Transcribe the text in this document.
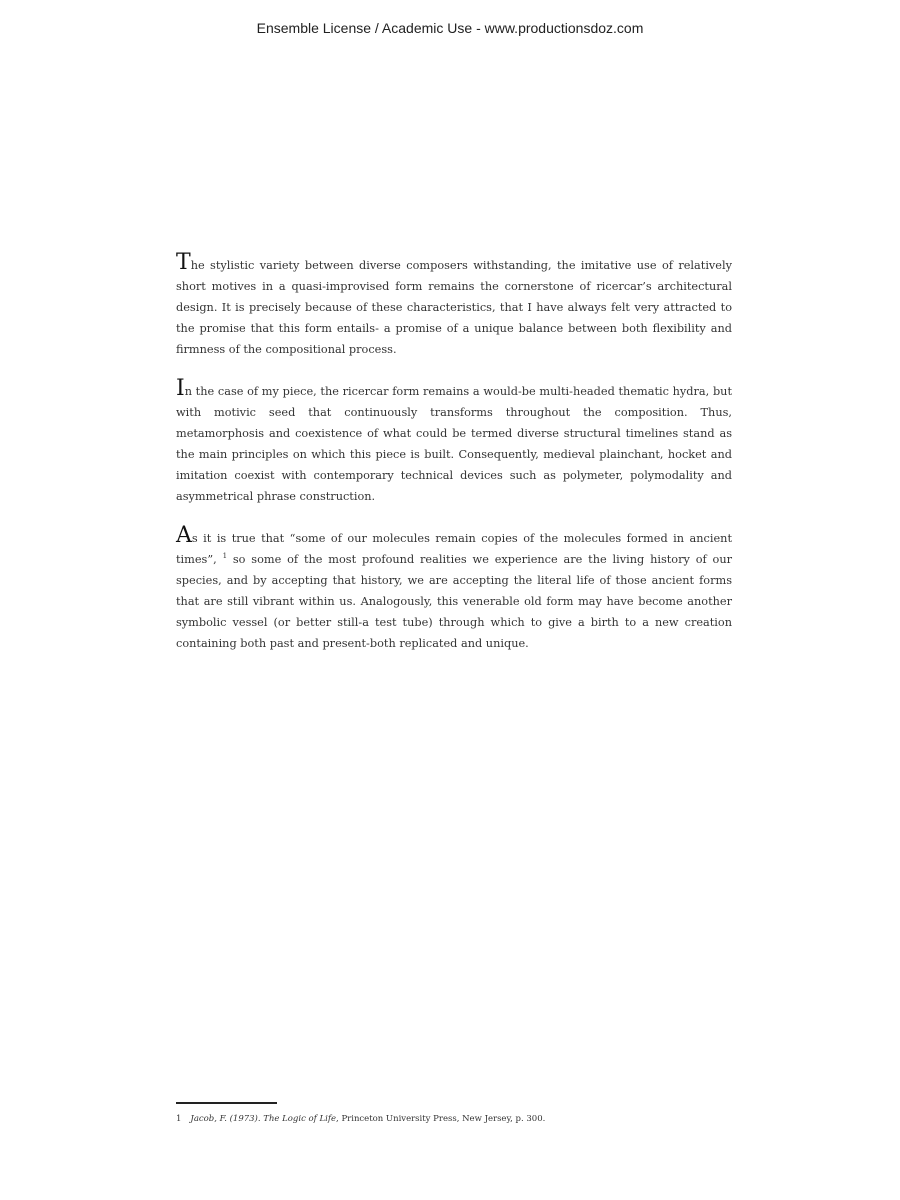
Ensemble License / Academic Use - www.productionsdoz.com

The stylistic variety between diverse composers withstanding, the imitative use of relatively short motives in a quasi-improvised form remains the cornerstone of ricercar’s architectural design. It is precisely because of these characteristics, that I have always felt very attracted to the promise that this form entails- a promise of a unique balance between both flexibility and firmness of the compositional process.

In the case of my piece, the ricercar form remains a would-be multi-headed thematic hydra, but with motivic seed that continuously transforms throughout the composition. Thus, metamorphosis and coexistence of what could be termed diverse structural timelines stand as the main principles on which this piece is built. Consequently, medieval plainchant, hocket and imitation coexist with contemporary technical devices such as polymeter, polymodality and asymmetrical phrase construction.

As it is true that “some of our molecules remain copies of the molecules formed in ancient times”, $^1$ so some of the most profound realities we experience are the living history of our species, and by accepting that history, we are accepting the literal life of those ancient forms that are still vibrant within us. Analogously, this venerable old form may have become another symbolic vessel (or better still-a test tube) through which to give a birth to a new creation containing both past and present-both replicated and unique.

1 Jacob, F. (1973). The Logic of Life, Princeton University Press, New Jersey, p. 300.
